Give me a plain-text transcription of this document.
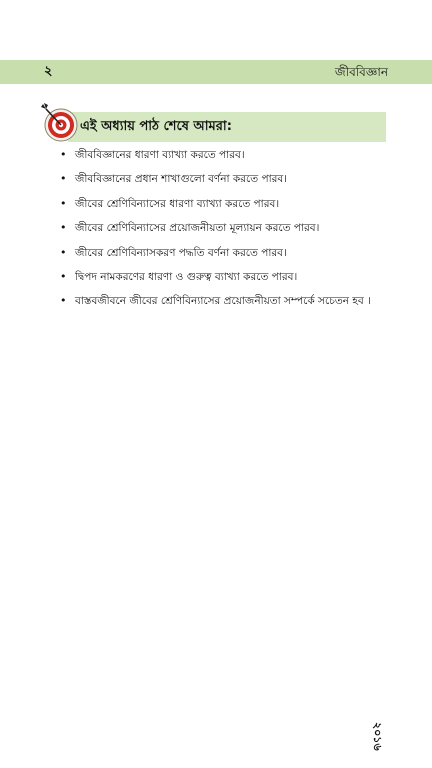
২	জীববিজ্ঞান
এই অধ্যায় পাঠ শেষে আমরা:
• জীববিজ্ঞানের ধারণা ব্যাখ্যা করতে পারব।
• জীববিজ্ঞানের প্রধান শাখাগুলো বর্ণনা করতে পারব।
• জীবের শ্রেণিবিন্যাসের ধারণা ব্যাখ্যা করতে পারব।
• জীবের শ্রেণিবিন্যাসের প্রয়োজনীয়তা মূল্যায়ন করতে পারব।
• জীবের শ্রেণিবিন্যাসকরণ পদ্ধতি বর্ণনা করতে পারব।
• দ্বিপদ নামকরণের ধারণা ও গুরুত্ব ব্যাখ্যা করতে পারব।
• বাস্তবজীবনে জীবের শ্রেণিবিন্যাসের প্রয়োজনীয়তা সম্পর্কে সচেতন হব ।
২০১৬
